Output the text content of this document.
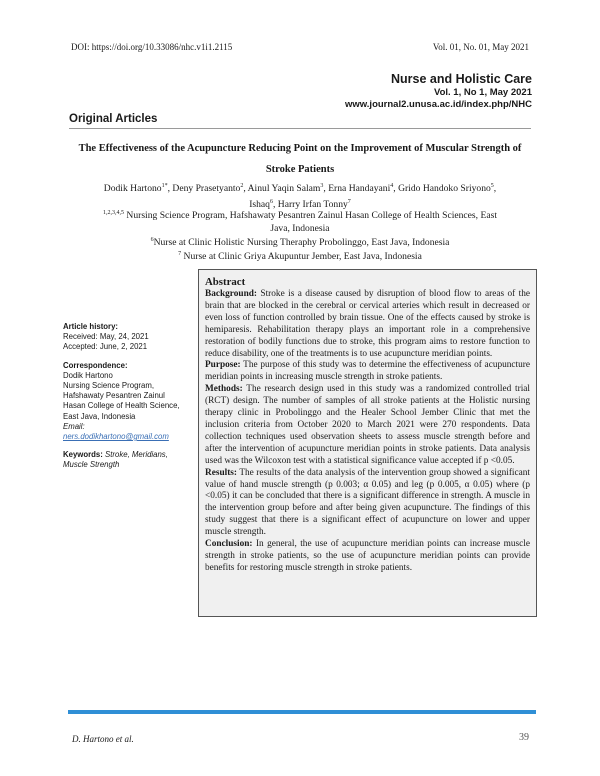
DOI: https://doi.org/10.33086/nhc.v1i1.2115	Vol. 01, No. 01, May 2021
Nurse and Holistic Care
Vol. 1, No 1, May 2021
www.journal2.unusa.ac.id/index.php/NHC
Original Articles
The Effectiveness of the Acupuncture Reducing Point on the Improvement of Muscular Strength of
Stroke Patients
Dodik Hartono$^{1*}$, Deny Prasetyanto$^2$, Ainul Yaqin Salam$^3$, Erna Handayani$^4$, Grido Handoko Sriyono$^5$,
Ishaq$^6$, Harry Irfan Tonny$^7$
$^{1,2,3,4,5}$ Nursing Science Program, Hafshawaty Pesantren Zainul Hasan College of Health Sciences, East
Java, Indonesia
$^6$Nurse at Clinic Holistic Nursing Theraphy Probolinggo, East Java, Indonesia
$^7$ Nurse at Clinic Griya Akupuntur Jember, East Java, Indonesia
Article history:
Received: May, 24, 2021
Accepted: June, 2, 2021
Correspondence:
Dodik Hartono
Nursing Science Program,
Hafshawaty Pesantren Zainul
Hasan College of Health Science,
East Java, Indonesia
Email:
ners.dodikhartono@gmail.com
Keywords: Stroke, Meridians, Muscle Strength
Abstract

Background: Stroke is a disease caused by disruption of blood flow to areas of the brain that are blocked in the cerebral or cervical arteries which result in decreased or even loss of function controlled by brain tissue. One of the effects caused by stroke is hemiparesis. Rehabilitation therapy plays an important role in a comprehensive restoration of bodily functions due to stroke, this program aims to restore function to reduce disability, one of the treatments is to use acupuncture meridian points.

Purpose: The purpose of this study was to determine the effectiveness of acupuncture meridian points in increasing muscle strength in stroke patients.

Methods: The research design used in this study was a randomized controlled trial (RCT) design. The number of samples of all stroke patients at the Holistic nursing therapy clinic in Probolinggo and the Healer School Jember Clinic that met the inclusion criteria from October 2020 to March 2021 were 270 respondents. Data collection techniques used observation sheets to assess muscle strength before and after the intervention of acupuncture meridian points in stroke patients. Data analysis used was the Wilcoxon test with a statistical significance value accepted if p <0.05.

Results: The results of the data analysis of the intervention group showed a significant value of hand muscle strength (p 0.003; α 0.05) and leg (p 0.005, α 0.05) where (p <0.05) it can be concluded that there is a significant difference in strength. A muscle in the intervention group before and after being given acupuncture. The findings of this study suggest that there is a significant effect of acupuncture on lower and upper muscle strength.

Conclusion: In general, the use of acupuncture meridian points can increase muscle strength in stroke patients, so the use of acupuncture meridian points can provide benefits for restoring muscle strength in stroke patients.

D. Hartono et al.	39
